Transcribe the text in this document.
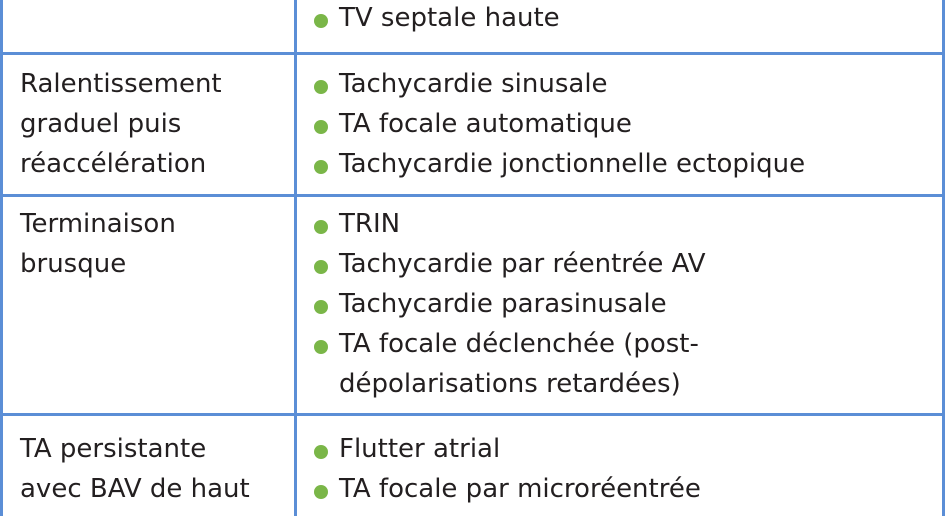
TV septale haute
Ralentissement
graduel puis
réaccélération
Tachycardie sinusale
TA focale automatique
Tachycardie jonctionnelle ectopique
Terminaison
brusque
TRIN
Tachycardie par réentrée AV
Tachycardie parasinusale
TA focale déclenchée (post-
dépolarisations retardées)
TA persistante
avec BAV de haut
Flutter atrial
TA focale par microréentrée
